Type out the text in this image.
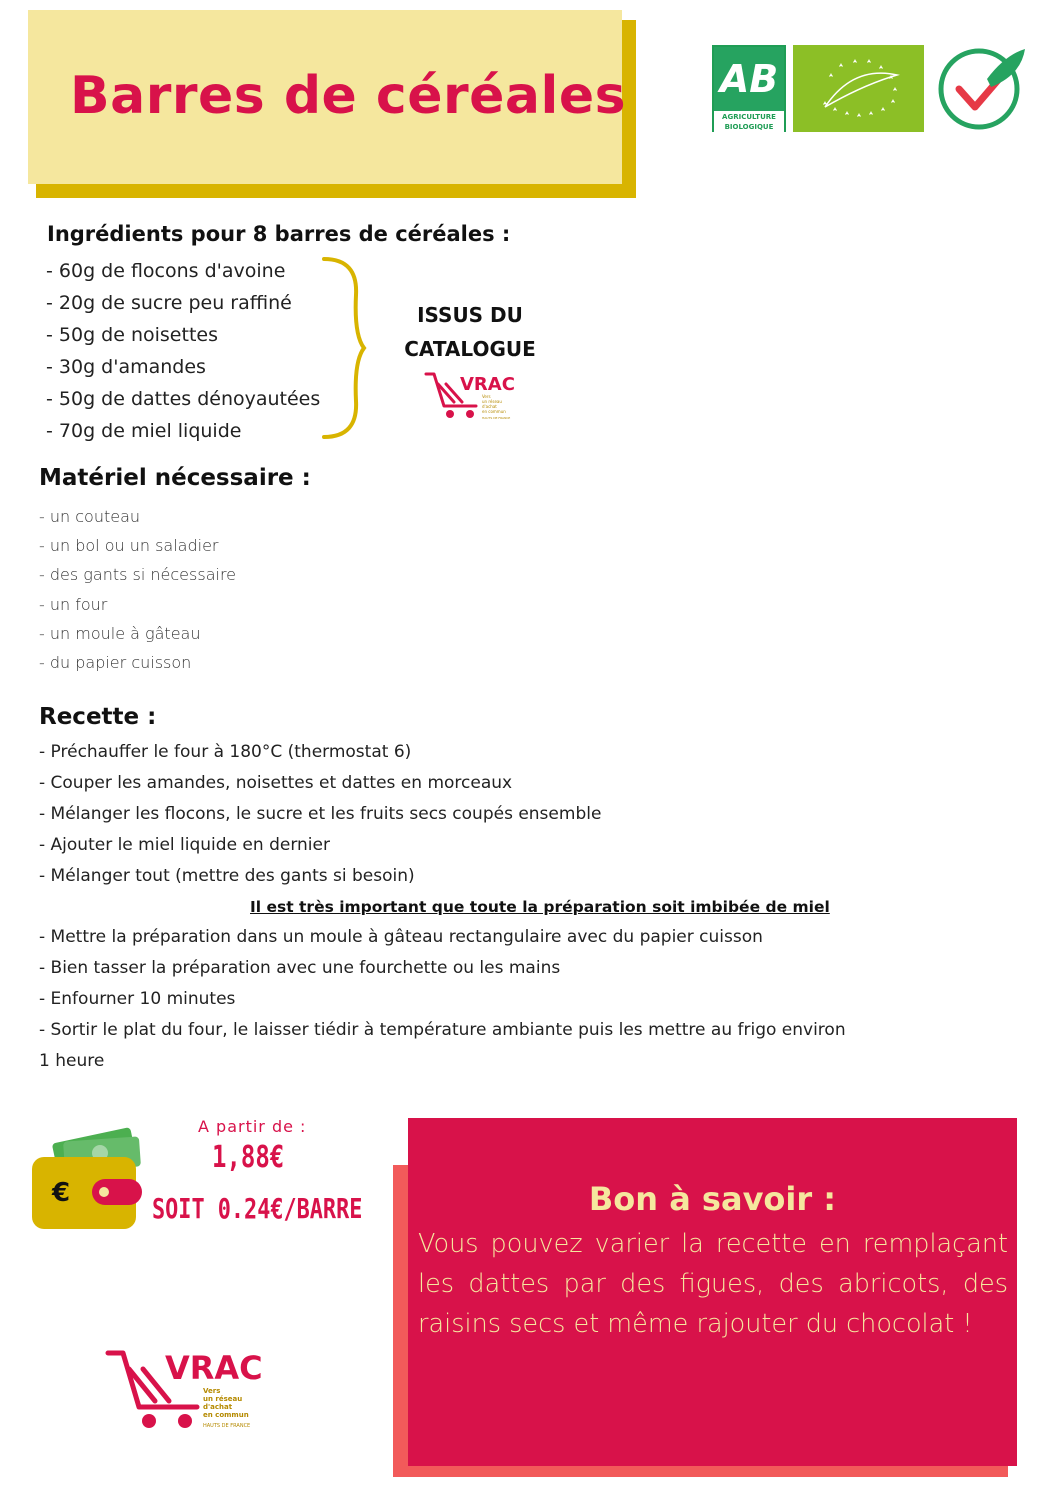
Barres de céréales AB
AGRICULTURE
BIOLOGIQUE
Ingrédients pour 8 barres de céréales :
- 60g de flocons d'avoine
- 20g de sucre peu raffiné
- 50g de noisettes
- 30g d'amandes
- 50g de dattes dénoyautées
- 70g de miel liquide
ISSUS DU
CATALOGUE
VRAC
Vers
un réseau
d'achat
en commun
HAUTS DE FRANCE
Matériel nécessaire :
- un couteau
- un bol ou un saladier
- des gants si nécessaire
- un four
- un moule à gâteau
- du papier cuisson
Recette :
- Préchauffer le four à 180°C (thermostat 6)
- Couper les amandes, noisettes et dattes en morceaux
- Mélanger les flocons, le sucre et les fruits secs coupés ensemble
- Ajouter le miel liquide en dernier
- Mélanger tout (mettre des gants si besoin)
Il est très important que toute la préparation soit imbibée de miel
- Mettre la préparation dans un moule à gâteau rectangulaire avec du papier cuisson
- Bien tasser la préparation avec une fourchette ou les mains
- Enfourner 10 minutes
- Sortir le plat du four, le laisser tiédir à température ambiante puis les mettre au frigo environ
1 heure
€
A partir de :
1,88€
SOIT 0.24€/BARRE	Bon à savoir :
Vous pouvez varier la recette en remplaçant les dattes par des figues, des abricots, des raisins secs et même rajouter du chocolat !
VRAC
Vers
un réseau
d'achat
en commun
HAUTS DE FRANCE
